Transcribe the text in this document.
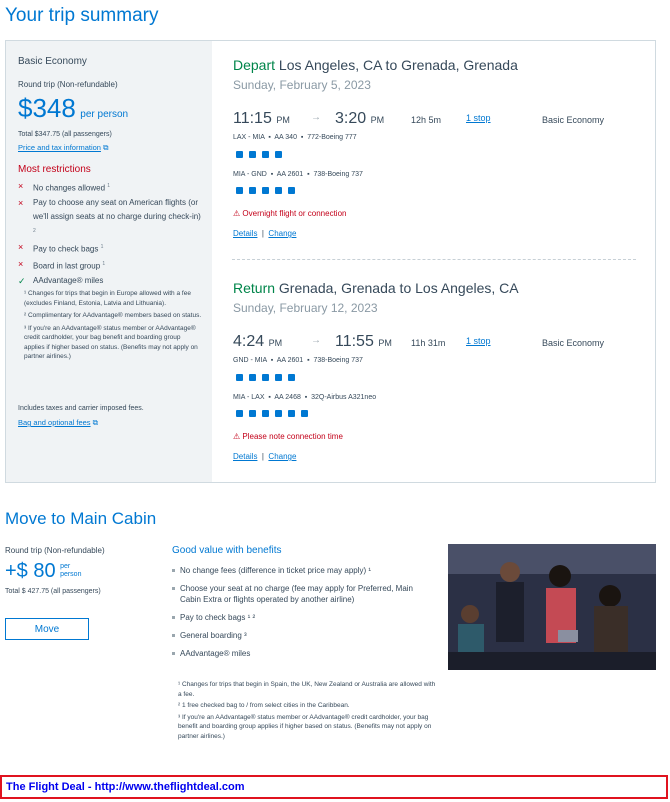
Your trip summary
Basic Economy
Round trip (Non-refundable)
$348 per person
Total $347.75 (all passengers)
Price and tax information ⧉
Most restrictions
× No changes allowed $^1$
× Pay to choose any seat on American flights (or we'll assign seats at no charge during check-in) $^2$
× Pay to check bags $^1$
× Board in last group $^1$
✓ AAdvantage® miles
¹ Changes for trips that begin in Europe allowed with a fee (excludes Finland, Estonia, Latvia and Lithuania).
² Complimentary for AAdvantage® members based on status.
³ If you're an AAdvantage® status member or AAdvantage® credit cardholder, your bag benefit and boarding group applies if higher based on status. (Benefits may not apply on partner airlines.)
Includes taxes and carrier imposed fees.
Bag and optional fees ⧉
Depart Los Angeles, CA to Grenada, Grenada
Sunday, February 5, 2023
11:15 PM → 3:20 PM	12h 5m	1 stop	Basic Economy
LAX - MIA  ▪  AA 340  ▪  772-Boeing 777
MIA - GND  ▪  AA 2601  ▪  738-Boeing 737
⚠ Overnight flight or connection
Details  |  Change
Return Grenada, Grenada to Los Angeles, CA
Sunday, February 12, 2023
4:24 PM	→ 11:55 PM 11h 31m 1 stop	Basic Economy
GND - MIA  ▪  AA 2601  ▪  738-Boeing 737
MIA - LAX  ▪  AA 2468  ▪  32Q-Airbus A321neo
⚠ Please note connection time
Details  |  Change
Move to Main Cabin
Round trip (Non-refundable)
+$ 80 per
person
Total $ 427.75 (all passengers)
Move
Good value with benefits
No change fees (difference in ticket price may apply) ¹
Choose your seat at no charge (fee may apply for Preferred, Main Cabin Extra or flights operated by another airline)
Pay to check bags ¹ ²
General boarding ³
AAdvantage® miles
¹ Changes for trips that begin in Spain, the UK, New Zealand or Australia are allowed with a fee.
² 1 free checked bag to / from select cities in the Caribbean.
³ If you're an AAdvantage® status member or AAdvantage® credit cardholder, your bag benefit and boarding group applies if higher based on status. (Benefits may not apply on partner airlines.)
The Flight Deal - http://www.theflightdeal.com
